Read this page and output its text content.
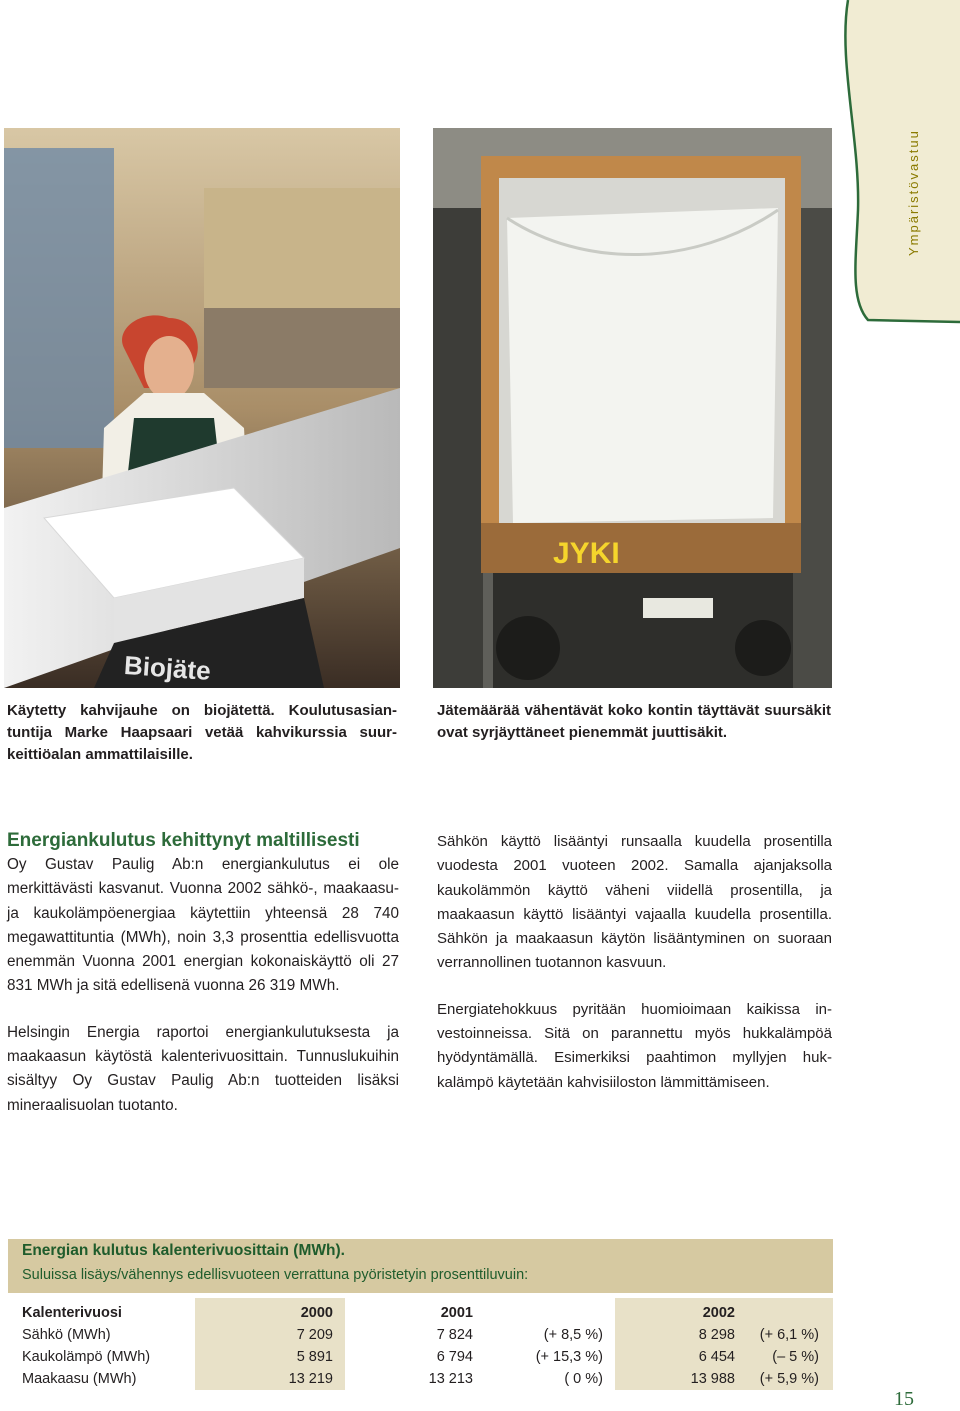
Ympäristövastuu
Biojäte
JYKI
Käytetty kahvijauhe on biojätettä. Koulutusasiantuntija Marke Haapsaari vetää kahvikurssia suurkeittiöalan ammattilaisille.
Jätemäärää vähentävät koko kontin täyttävät suursäkit ovat syrjäyttäneet pienemmät juuttisäkit.
Energiankulutus kehittynyt maltillisesti

Oy Gustav Paulig Ab:n energiankulutus ei ole merkittävästi kasvanut. Vuonna 2002 sähkö-, maakaasu- ja kaukolämpöenergiaa käytettiin yhteensä 28 740 megawattituntia (MWh), noin 3,3 prosenttia edellisvuotta enemmän Vuonna 2001 energian kokonaiskäyttö oli 27 831 MWh ja sitä edellisenä vuonna 26 319 MWh.

Helsingin Energia raportoi energiankulutuksesta ja maakaasun käytöstä kalenterivuosittain. Tunnuslukuihin sisältyy Oy Gustav Paulig Ab:n tuotteiden lisäksi mineraalisuolan tuotanto.

Sähkön käyttö lisääntyi runsaalla kuudella prosentilla vuodesta 2001 vuoteen 2002. Samalla ajanjaksolla kaukolämmön käyttö väheni viidellä prosentilla, ja maakaasun käyttö lisääntyi vajaalla kuudella prosentilla. Sähkön ja maakaasun käytön lisääntyminen on suoraan verrannollinen tuotannon kasvuun.

Energiatehokkuus pyritään huomioimaan kaikissa investoinneissa. Sitä on parannettu myös hukkalämpöä hyödyntämällä. Esimerkiksi paahtimon myllyjen hukkalämpö käytetään kahvisiiloston lämmittämiseen.

Energian kulutus kalenterivuosittain (MWh).
Suluissa lisäys/vähennys edellisvuoteen verrattuna pyöristetyin prosenttiluvuin:
Kalenterivuosi	2000	2001		2002	
Sähkö (MWh)	7 209	7 824	(+ 8,5 %)	8 298	(+ 6,1 %)
Kaukolämpö (MWh)	5 891	6 794	(+ 15,3 %)	6 454	(– 5 %)
Maakaasu (MWh)	13 219	13 213	( 0 %)	13 988	(+ 5,9 %)
15
